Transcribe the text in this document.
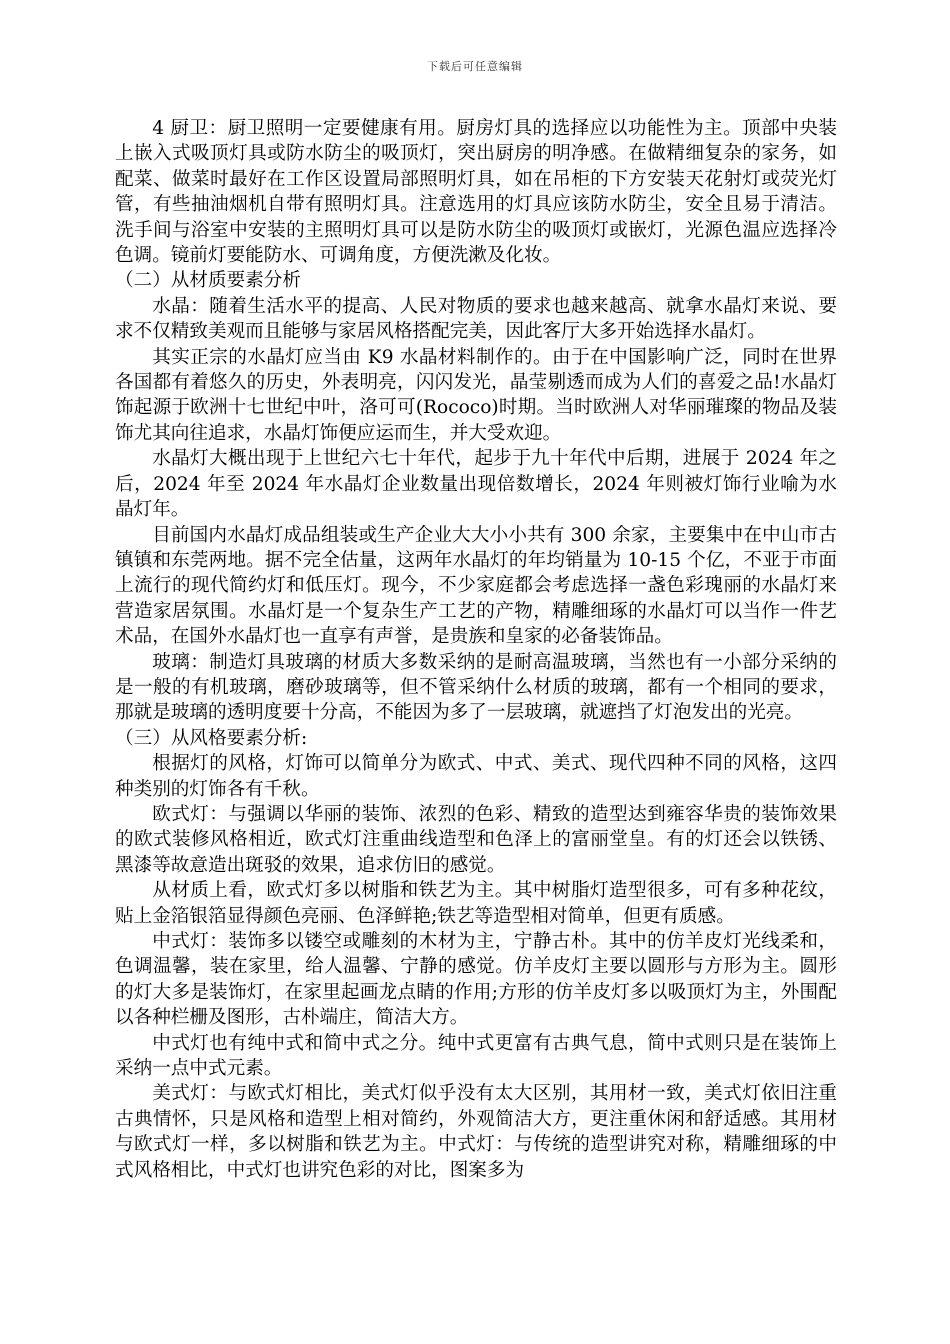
下载后可任意编辑

4 厨卫：厨卫照明一定要健康有用。厨房灯具的选择应以功能性为主。顶部中央装上嵌入式吸顶灯具或防水防尘的吸顶灯，突出厨房的明净感。在做精细复杂的家务，如配菜、做菜时最好在工作区设置局部照明灯具，如在吊柜的下方安装天花射灯或荧光灯管，有些抽油烟机自带有照明灯具。注意选用的灯具应该防水防尘，安全且易于清洁。洗手间与浴室中安装的主照明灯具可以是防水防尘的吸顶灯或嵌灯，光源色温应选择冷色调。镜前灯要能防水、可调角度，方便洗漱及化妆。

（二）从材质要素分析

水晶：随着生活水平的提高、人民对物质的要求也越来越高、就拿水晶灯来说、要求不仅精致美观而且能够与家居风格搭配完美，因此客厅大多开始选择水晶灯。

其实正宗的水晶灯应当由 K9 水晶材料制作的。由于在中国影响广泛，同时在世界各国都有着悠久的历史，外表明亮，闪闪发光，晶莹剔透而成为人们的喜爱之品!水晶灯饰起源于欧洲十七世纪中叶，洛可可(Rococo)时期。当时欧洲人对华丽璀璨的物品及装饰尤其向往追求，水晶灯饰便应运而生，并大受欢迎。

水晶灯大概出现于上世纪六七十年代，起步于九十年代中后期，进展于 2024 年之后，2024 年至 2024 年水晶灯企业数量出现倍数增长，2024 年则被灯饰行业喻为水晶灯年。

目前国内水晶灯成品组装或生产企业大大小小共有 300 余家，主要集中在中山市古镇镇和东莞两地。据不完全估量，这两年水晶灯的年均销量为 10-15 个亿，不亚于市面上流行的现代简约灯和低压灯。现今，不少家庭都会考虑选择一盏色彩瑰丽的水晶灯来营造家居氛围。水晶灯是一个复杂生产工艺的产物，精雕细琢的水晶灯可以当作一件艺术品，在国外水晶灯也一直享有声誉，是贵族和皇家的必备装饰品。

玻璃：制造灯具玻璃的材质大多数采纳的是耐高温玻璃，当然也有一小部分采纳的是一般的有机玻璃，磨砂玻璃等，但不管采纳什么材质的玻璃，都有一个相同的要求，那就是玻璃的透明度要十分高，不能因为多了一层玻璃，就遮挡了灯泡发出的光亮。

（三）从风格要素分析:

根据灯的风格，灯饰可以简单分为欧式、中式、美式、现代四种不同的风格，这四种类别的灯饰各有千秋。

欧式灯：与强调以华丽的装饰、浓烈的色彩、精致的造型达到雍容华贵的装饰效果的欧式装修风格相近，欧式灯注重曲线造型和色泽上的富丽堂皇。有的灯还会以铁锈、黑漆等故意造出斑驳的效果，追求仿旧的感觉。

从材质上看，欧式灯多以树脂和铁艺为主。其中树脂灯造型很多，可有多种花纹，贴上金箔银箔显得颜色亮丽、色泽鲜艳;铁艺等造型相对简单，但更有质感。

中式灯：装饰多以镂空或雕刻的木材为主，宁静古朴。其中的仿羊皮灯光线柔和，色调温馨，装在家里，给人温馨、宁静的感觉。仿羊皮灯主要以圆形与方形为主。圆形的灯大多是装饰灯，在家里起画龙点睛的作用;方形的仿羊皮灯多以吸顶灯为主，外围配以各种栏栅及图形，古朴端庄，简洁大方。

中式灯也有纯中式和简中式之分。纯中式更富有古典气息，简中式则只是在装饰上采纳一点中式元素。

美式灯：与欧式灯相比，美式灯似乎没有太大区别，其用材一致，美式灯依旧注重古典情怀，只是风格和造型上相对简约，外观简洁大方，更注重休闲和舒适感。其用材与欧式灯一样，多以树脂和铁艺为主。中式灯：与传统的造型讲究对称，精雕细琢的中式风格相比，中式灯也讲究色彩的对比，图案多为
